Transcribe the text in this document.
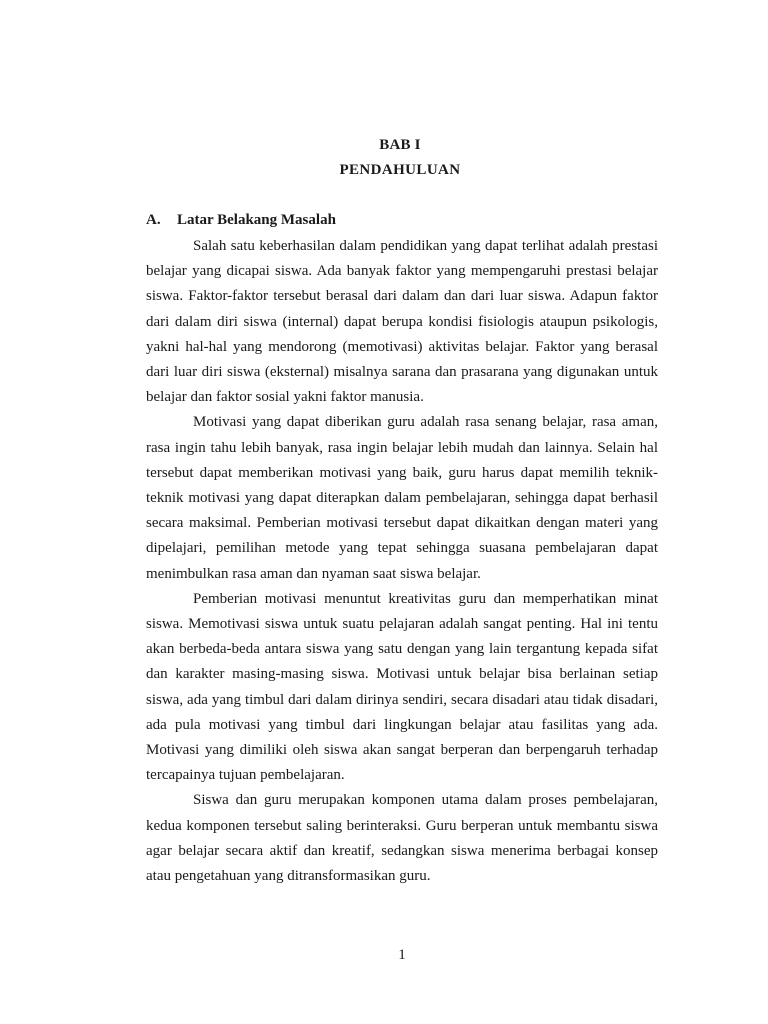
BAB I
PENDAHULUAN
A. Latar Belakang Masalah

Salah satu keberhasilan dalam pendidikan yang dapat terlihat adalah prestasi belajar yang dicapai siswa. Ada banyak faktor yang mempengaruhi prestasi belajar siswa. Faktor-faktor tersebut berasal dari dalam dan dari luar siswa. Adapun faktor dari dalam diri siswa (internal) dapat berupa kondisi fisiologis ataupun psikologis, yakni hal-hal yang mendorong (memotivasi) aktivitas belajar. Faktor yang berasal dari luar diri siswa (eksternal) misalnya sarana dan prasarana yang digunakan untuk belajar dan faktor sosial yakni faktor manusia.

Motivasi yang dapat diberikan guru adalah rasa senang belajar, rasa aman, rasa ingin tahu lebih banyak, rasa ingin belajar lebih mudah dan lainnya. Selain hal tersebut dapat memberikan motivasi yang baik, guru harus dapat memilih teknik-teknik motivasi yang dapat diterapkan dalam pembelajaran, sehingga dapat berhasil secara maksimal. Pemberian motivasi tersebut dapat dikaitkan dengan materi yang dipelajari, pemilihan metode yang tepat sehingga suasana pembelajaran dapat menimbulkan rasa aman dan nyaman saat siswa belajar.

Pemberian motivasi menuntut kreativitas guru dan memperhatikan minat siswa. Memotivasi siswa untuk suatu pelajaran adalah sangat penting. Hal ini tentu akan berbeda-beda antara siswa yang satu dengan yang lain tergantung kepada sifat dan karakter masing-masing siswa. Motivasi untuk belajar bisa berlainan setiap siswa, ada yang timbul dari dalam dirinya sendiri, secara disadari atau tidak disadari, ada pula motivasi yang timbul dari lingkungan belajar atau fasilitas yang ada. Motivasi yang dimiliki oleh siswa akan sangat berperan dan berpengaruh terhadap tercapainya tujuan pembelajaran.

Siswa dan guru merupakan komponen utama dalam proses pembelajaran, kedua komponen tersebut saling berinteraksi. Guru berperan untuk membantu siswa agar belajar secara aktif dan kreatif, sedangkan siswa menerima berbagai konsep atau pengetahuan yang ditransformasikan guru.

1
